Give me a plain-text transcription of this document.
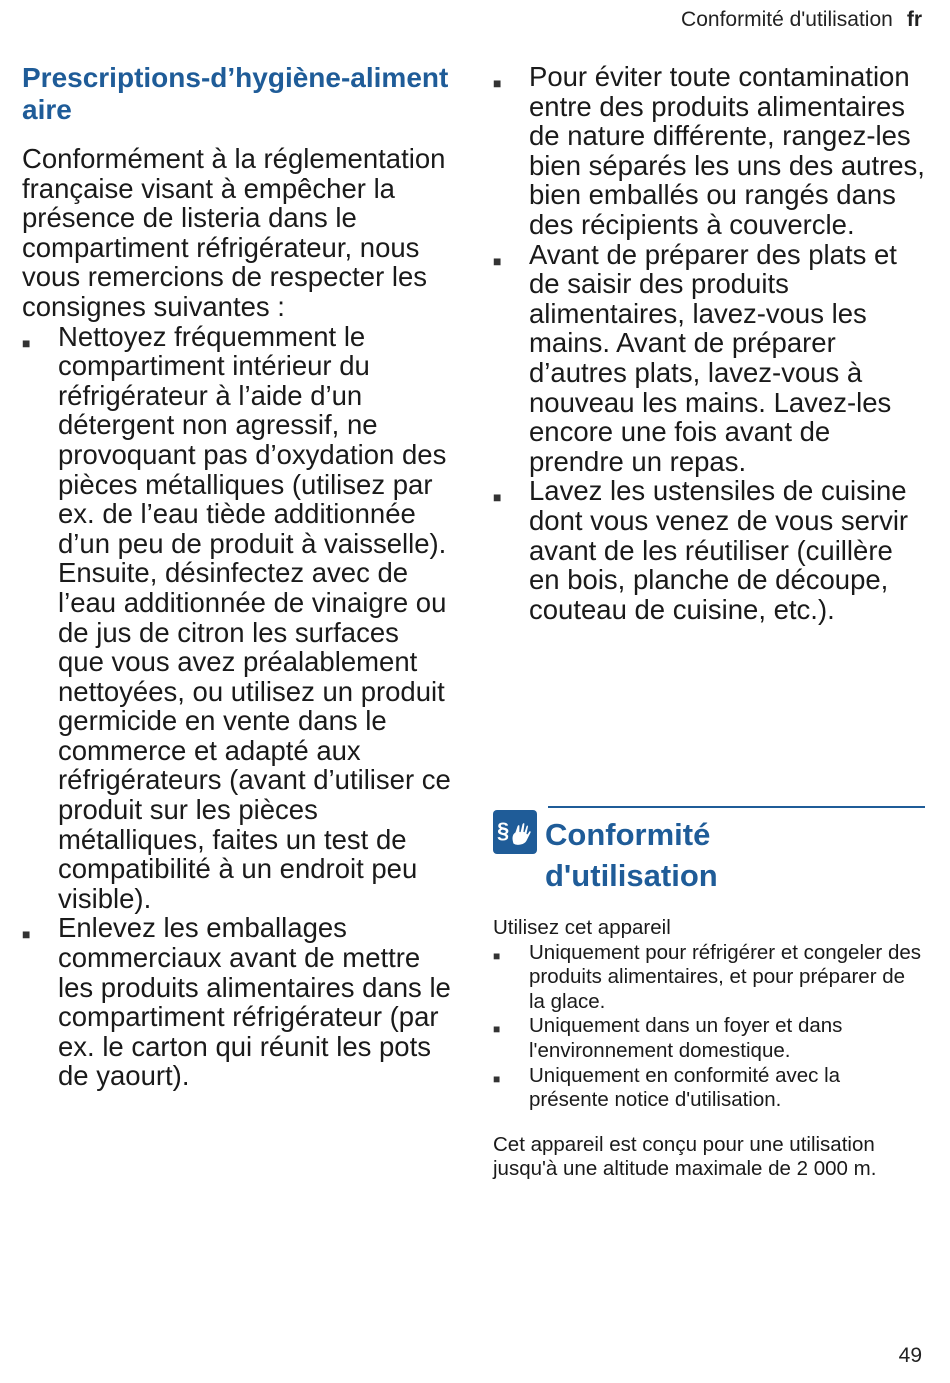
Conformité d'utilisation fr
Prescriptions-d’hygiène-alimentaire

Conformément à la réglementation française visant à empêcher la présence de listeria dans le compartiment réfrigérateur, nous vous remercions de respecter les consignes suivantes :

■ Nettoyez fréquemment le compartiment intérieur du réfrigérateur à l’aide d’un détergent non agressif, ne provoquant pas d’oxydation des pièces métalliques (utilisez par ex. de l’eau tiède additionnée d’un peu de produit à vaisselle). Ensuite, désinfectez avec de l’eau additionnée de vinaigre ou de jus de citron les surfaces que vous avez préalablement nettoyées, ou utilisez un produit germicide en vente dans le commerce et adapté aux réfrigérateurs (avant d’utiliser ce produit sur les pièces métalliques, faites un test de compatibilité à un endroit peu visible).
■ Enlevez les emballages commerciaux avant de mettre les produits alimentaires dans le compartiment réfrigérateur (par ex. le carton qui réunit les pots de yaourt).
■ Pour éviter toute contamination entre des produits alimentaires de nature différente, rangez-les bien séparés les uns des autres, bien emballés ou rangés dans des récipients à couvercle.
■ Avant de préparer des plats et de saisir des produits alimentaires, lavez-vous les mains. Avant de préparer d’autres plats, lavez-vous à nouveau les mains. Lavez-les encore une fois avant de prendre un repas.
■ Lavez les ustensiles de cuisine dont vous venez de vous servir avant de les réutiliser (cuillère en bois, planche de découpe, couteau de cuisine, etc.).
§ Conformité
d'utilisation

Utilisez cet appareil

■ Uniquement pour réfrigérer et congeler des produits alimentaires, et pour préparer de la glace.
■ Uniquement dans un foyer et dans l'environnement domestique.
■ Uniquement en conformité avec la présente notice d'utilisation.

Cet appareil est conçu pour une utilisation jusqu'à une altitude maximale de 2 000 m.

49
